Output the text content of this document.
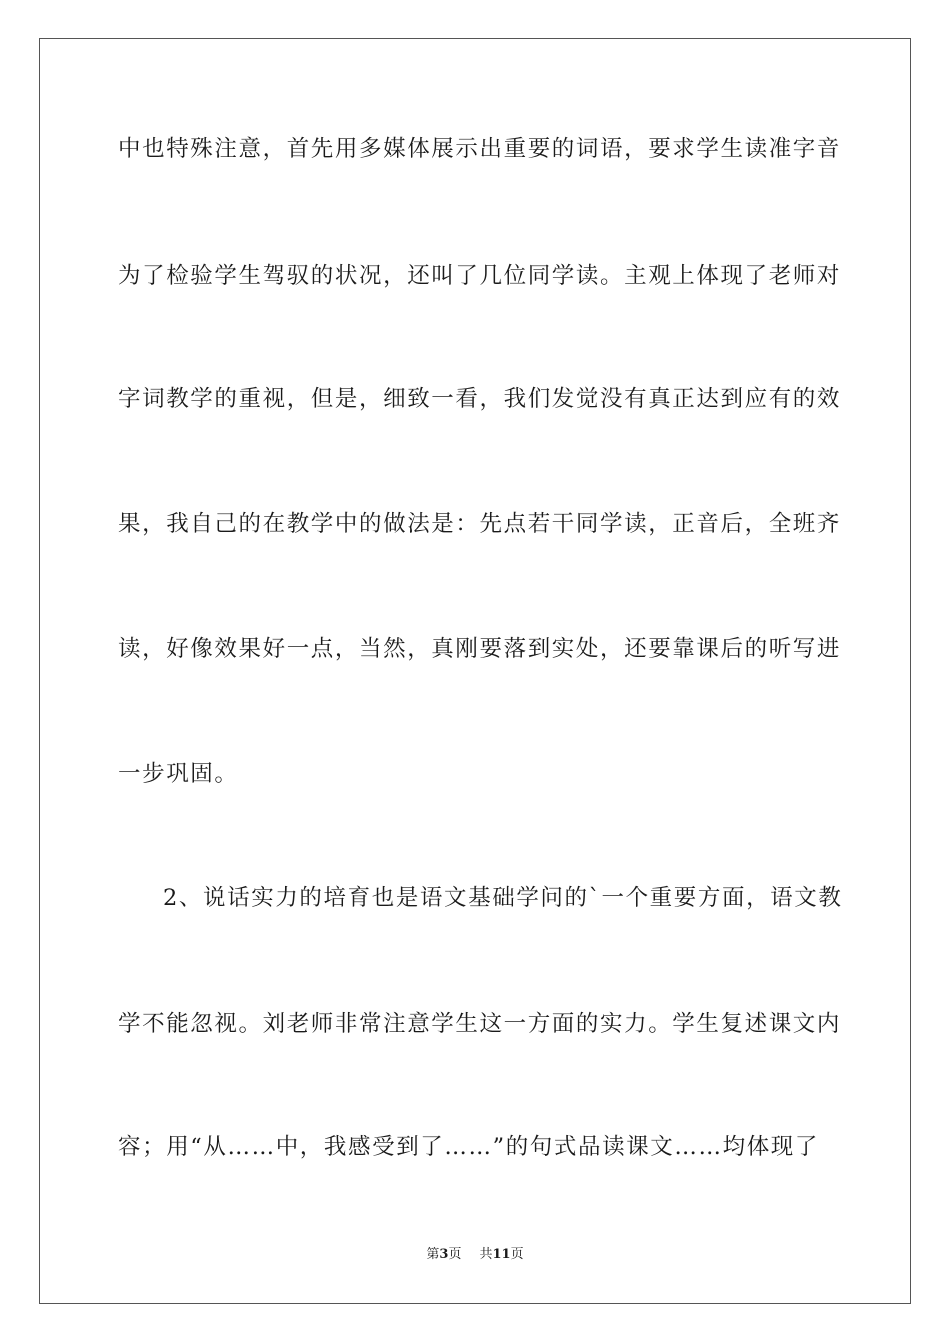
中也特殊注意，首先用多媒体展示出重要的词语，要求学生读准字音
为了检验学生驾驭的状况，还叫了几位同学读。主观上体现了老师对
字词教学的重视，但是，细致一看，我们发觉没有真正达到应有的效
果，我自己的在教学中的做法是：先点若干同学读，正音后，全班齐
读，好像效果好一点，当然，真刚要落到实处，还要靠课后的听写进
一步巩固。
2、说话实力的培育也是语文基础学问的`一个重要方面，语文教
学不能忽视。刘老师非常注意学生这一方面的实力。学生复述课文内
容；用“从……中，我感受到了……”的句式品读课文……均体现了
第3页 共11页
